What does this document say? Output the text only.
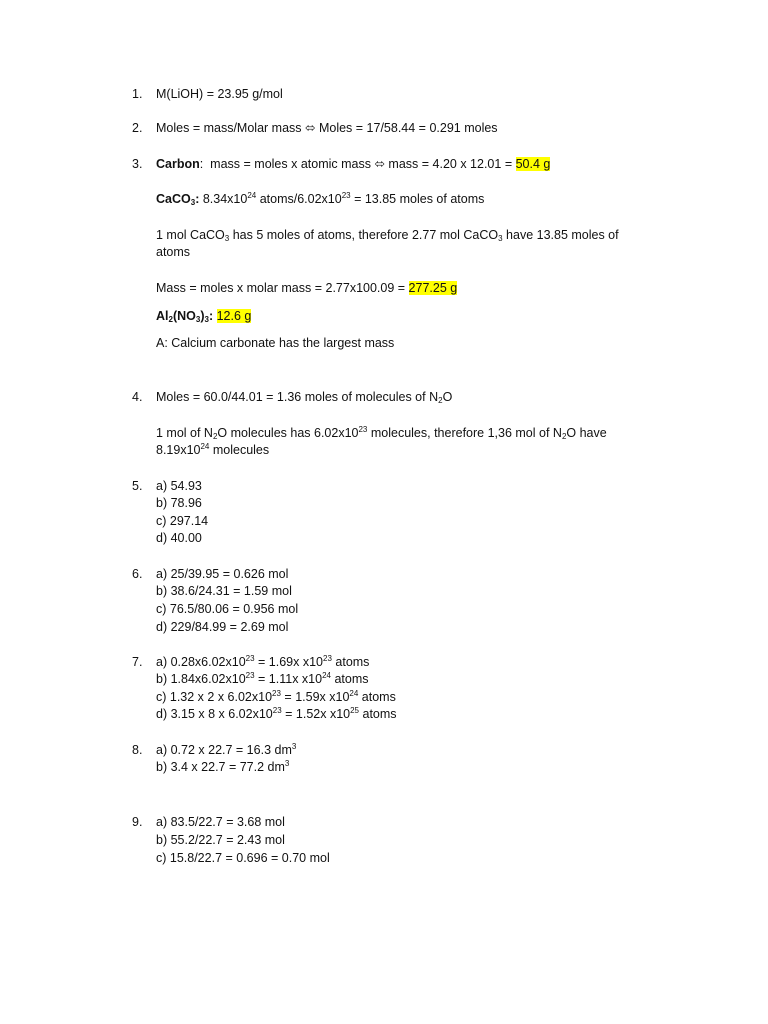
1. M(LiOH) = 23.95 g/mol
2. Moles = mass/Molar mass ⬄ Moles = 17/58.44 = 0.291 moles
3. Carbon:  mass = moles x atomic mass ⬄ mass = 4.20 x 12.01 = 50.4 g
CaCO$_3$: $8.34x10^{24}$ atoms/$6.02x10^{23} = 13.85$ moles of atoms
1 mol CaCO$_3$ has 5 moles of atoms, therefore 2.77 mol CaCO$_3$ have 13.85 moles of
atoms
Mass = moles x molar mass = 2.77x100.09 = 277.25 g
$Al_2(NO_3)_3$: 12.6 g
A: Calcium carbonate has the largest mass
4. Moles = 60.0/44.01 = 1.36 moles of molecules of $N_2O$
1 mol of $N_2O$ molecules has $6.02x10^{23}$ molecules, therefore 1,36 mol of $N_2O$ have
$8.19x10^{24}$ molecules
5. a) 54.93
b) 78.96
c) 297.14
d) 40.00
6. a) 25/39.95 = 0.626 mol
b) 38.6/24.31 = 1.59 mol
c) 76.5/80.06 = 0.956 mol
d) 229/84.99 = 2.69 mol
7. a) $0.28x6.02x10^{23} = 1.69x$ $x10^{23}$ atoms
b) $1.84x6.02x10^{23} = 1.11x$ $x10^{24}$ atoms
c) 1.32 x 2 x $6.02x10^{23} = 1.59x$ $x10^{24}$ atoms
d) 3.15 x 8 x $6.02x10^{23} = 1.52x$ $x10^{25}$ atoms
8. a) 0.72 x 22.7 = 16.3 $dm^3$
b) 3.4 x 22.7 = 77.2 $dm^3$
9. a) 83.5/22.7 = 3.68 mol
b) 55.2/22.7 = 2.43 mol
c) 15.8/22.7 = 0.696 = 0.70 mol
